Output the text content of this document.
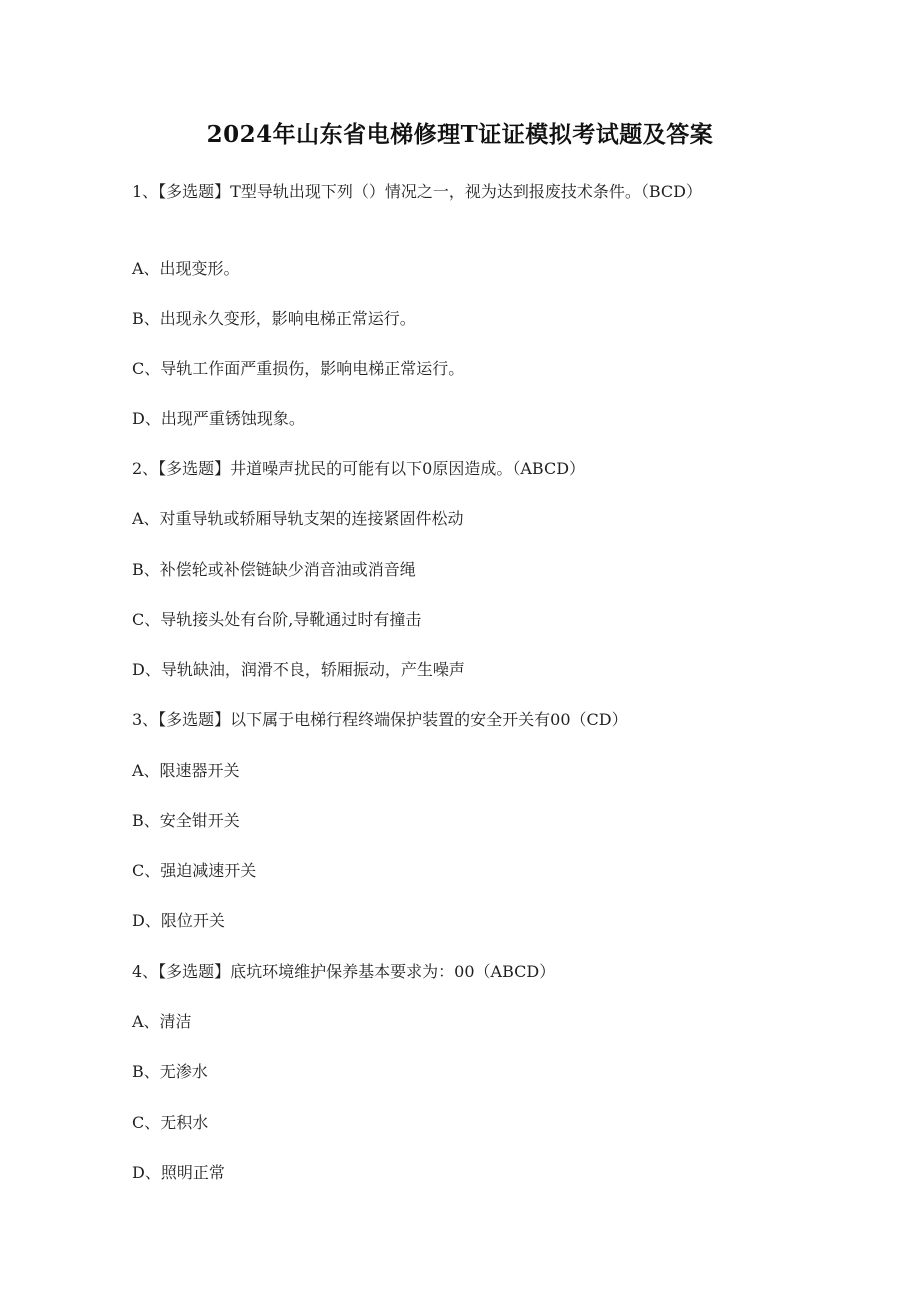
2024年山东省电梯修理T证证模拟考试题及答案
1、【多选题】T型导轨出现下列（）情况之一，视为达到报废技术条件。（BCD）
A、出现变形。
B、出现永久变形，影响电梯正常运行。
C、导轨工作面严重损伤，影响电梯正常运行。
D、出现严重锈蚀现象。
2、【多选题】井道噪声扰民的可能有以下0原因造成。（ABCD）
A、对重导轨或轿厢导轨支架的连接紧固件松动
B、补偿轮或补偿链缺少消音油或消音绳
C、导轨接头处有台阶,导靴通过时有撞击
D、导轨缺油，润滑不良，轿厢振动，产生噪声
3、【多选题】以下属于电梯行程终端保护装置的安全开关有00（CD）
A、限速器开关
B、安全钳开关
C、强迫减速开关
D、限位开关
4、【多选题】底坑环境维护保养基本要求为：00（ABCD）
A、清洁
B、无渗水
C、无积水
D、照明正常
